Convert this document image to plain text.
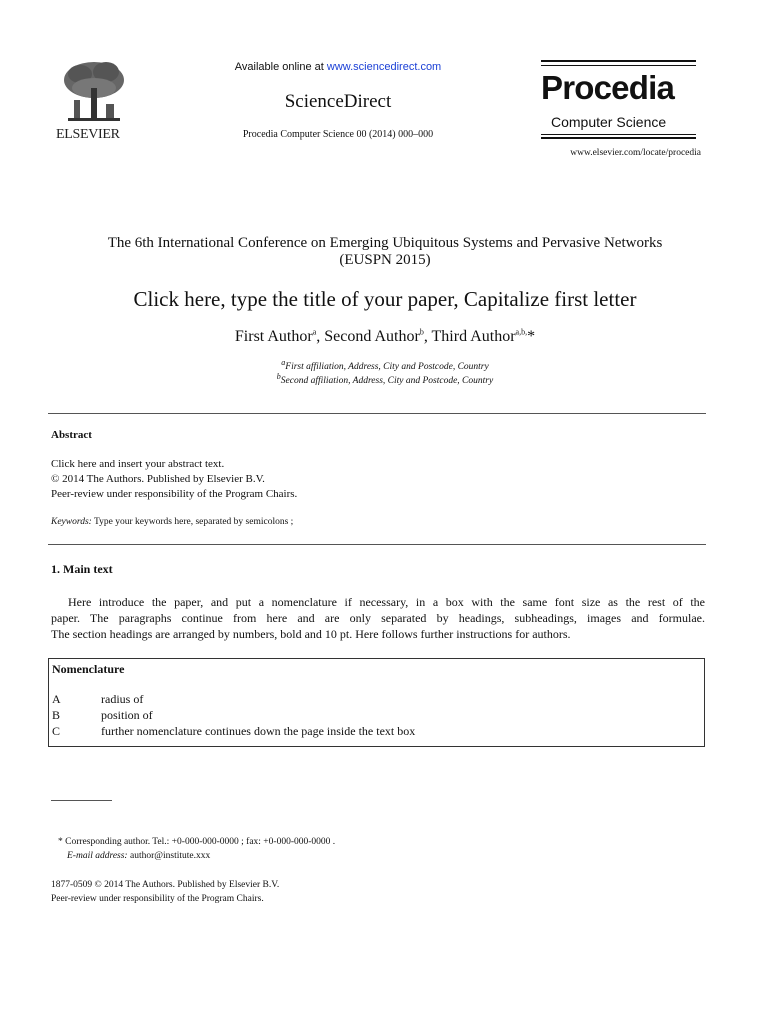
ELSEVIER
Available online at www.sciencedirect.com
ScienceDirect
Procedia Computer Science 00 (2014) 000–000
Procedia
Computer Science
www.elsevier.com/locate/procedia
The 6th International Conference on Emerging Ubiquitous Systems and Pervasive Networks
(EUSPN 2015)
Click here, type the title of your paper, Capitalize first letter
First Author$^a$, Second Author$^b$, Third Author$^{a,b,}$*
$^a$First affiliation, Address, City and Postcode, Country
$^b$Second affiliation, Address, City and Postcode, Country
Abstract
Click here and insert your abstract text.
© 2014 The Authors. Published by Elsevier B.V.
Peer-review under responsibility of the Program Chairs.
Keywords: Type your keywords here, separated by semicolons ;
1. Main text
Here introduce the paper, and put a nomenclature if necessary, in a box with the same font size as the rest of the
paper. The paragraphs continue from here and are only separated by headings, subheadings, images and formulae.
The section headings are arranged by numbers, bold and 10 pt. Here follows further instructions for authors.
Nomenclature
A	radius of
B	position of
C	further nomenclature continues down the page inside the text box
* Corresponding author. Tel.: +0-000-000-0000 ; fax: +0-000-000-0000 .
E-mail address: author@institute.xxx
1877-0509 © 2014 The Authors. Published by Elsevier B.V.
Peer-review under responsibility of the Program Chairs.
